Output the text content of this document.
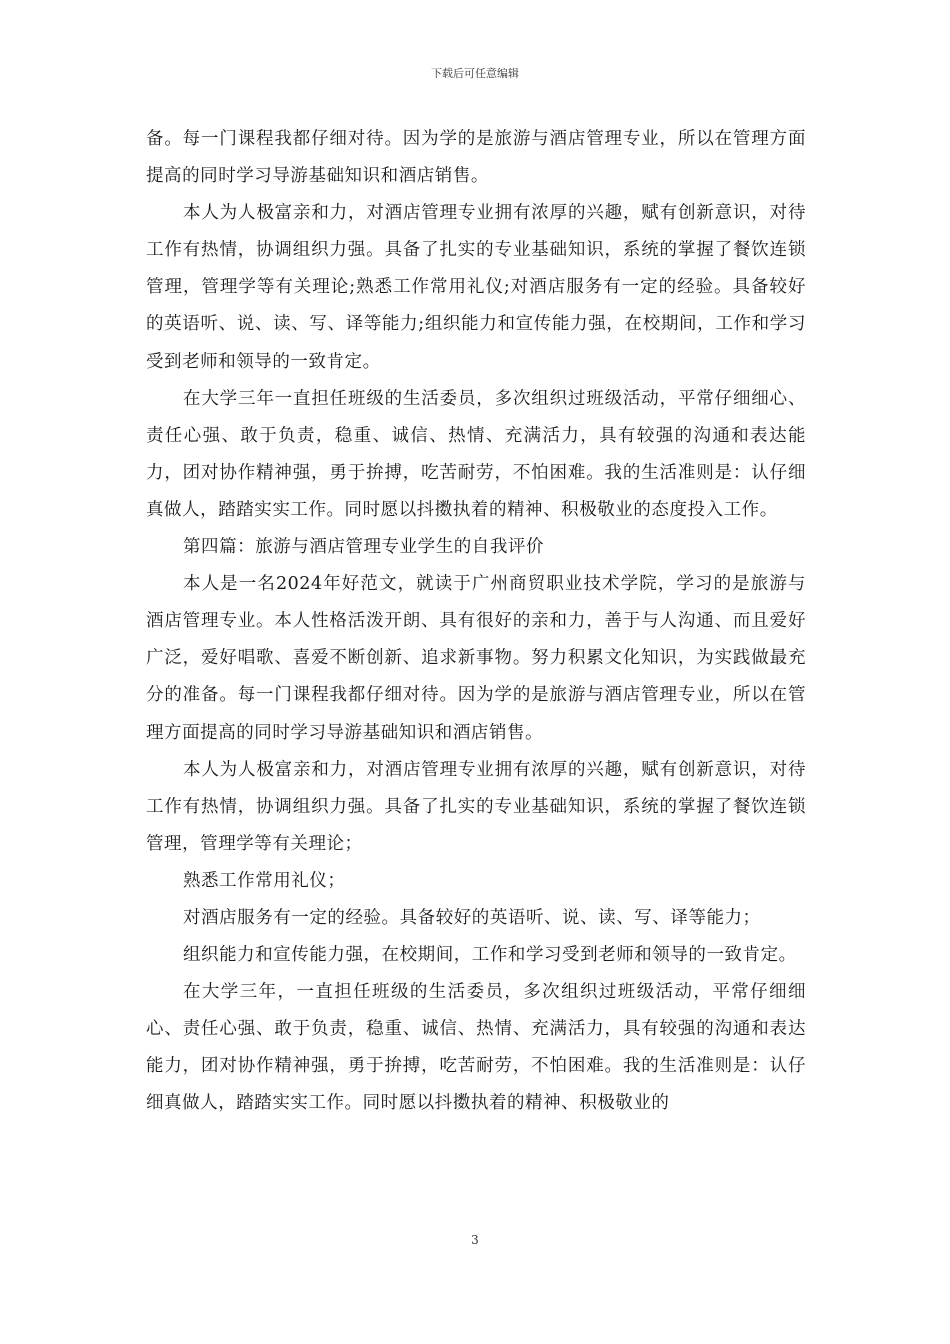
下载后可任意编辑

备。每一门课程我都仔细对待。因为学的是旅游与酒店管理专业，所以在管理方面提高的同时学习导游基础知识和酒店销售。

本人为人极富亲和力，对酒店管理专业拥有浓厚的兴趣，赋有创新意识，对待工作有热情，协调组织力强。具备了扎实的专业基础知识，系统的掌握了餐饮连锁管理，管理学等有关理论;熟悉工作常用礼仪;对酒店服务有一定的经验。具备较好的英语听、说、读、写、译等能力;组织能力和宣传能力强，在校期间，工作和学习受到老师和领导的一致肯定。

在大学三年一直担任班级的生活委员，多次组织过班级活动，平常仔细细心、责任心强、敢于负责，稳重、诚信、热情、充满活力，具有较强的沟通和表达能力，团对协作精神强，勇于拚搏，吃苦耐劳，不怕困难。我的生活准则是：认仔细真做人，踏踏实实工作。同时愿以抖擞执着的精神、积极敬业的态度投入工作。

第四篇：旅游与酒店管理专业学生的自我评价

本人是一名2024年好范文，就读于广州商贸职业技术学院，学习的是旅游与酒店管理专业。本人性格活泼开朗、具有很好的亲和力，善于与人沟通、而且爱好广泛，爱好唱歌、喜爱不断创新、追求新事物。努力积累文化知识，为实践做最充分的准备。每一门课程我都仔细对待。因为学的是旅游与酒店管理专业，所以在管理方面提高的同时学习导游基础知识和酒店销售。

本人为人极富亲和力，对酒店管理专业拥有浓厚的兴趣，赋有创新意识，对待工作有热情，协调组织力强。具备了扎实的专业基础知识，系统的掌握了餐饮连锁管理，管理学等有关理论；

熟悉工作常用礼仪；

对酒店服务有一定的经验。具备较好的英语听、说、读、写、译等能力；

组织能力和宣传能力强，在校期间，工作和学习受到老师和领导的一致肯定。

在大学三年，一直担任班级的生活委员，多次组织过班级活动，平常仔细细心、责任心强、敢于负责，稳重、诚信、热情、充满活力，具有较强的沟通和表达能力，团对协作精神强，勇于拚搏，吃苦耐劳，不怕困难。我的生活准则是：认仔细真做人，踏踏实实工作。同时愿以抖擞执着的精神、积极敬业的

3
